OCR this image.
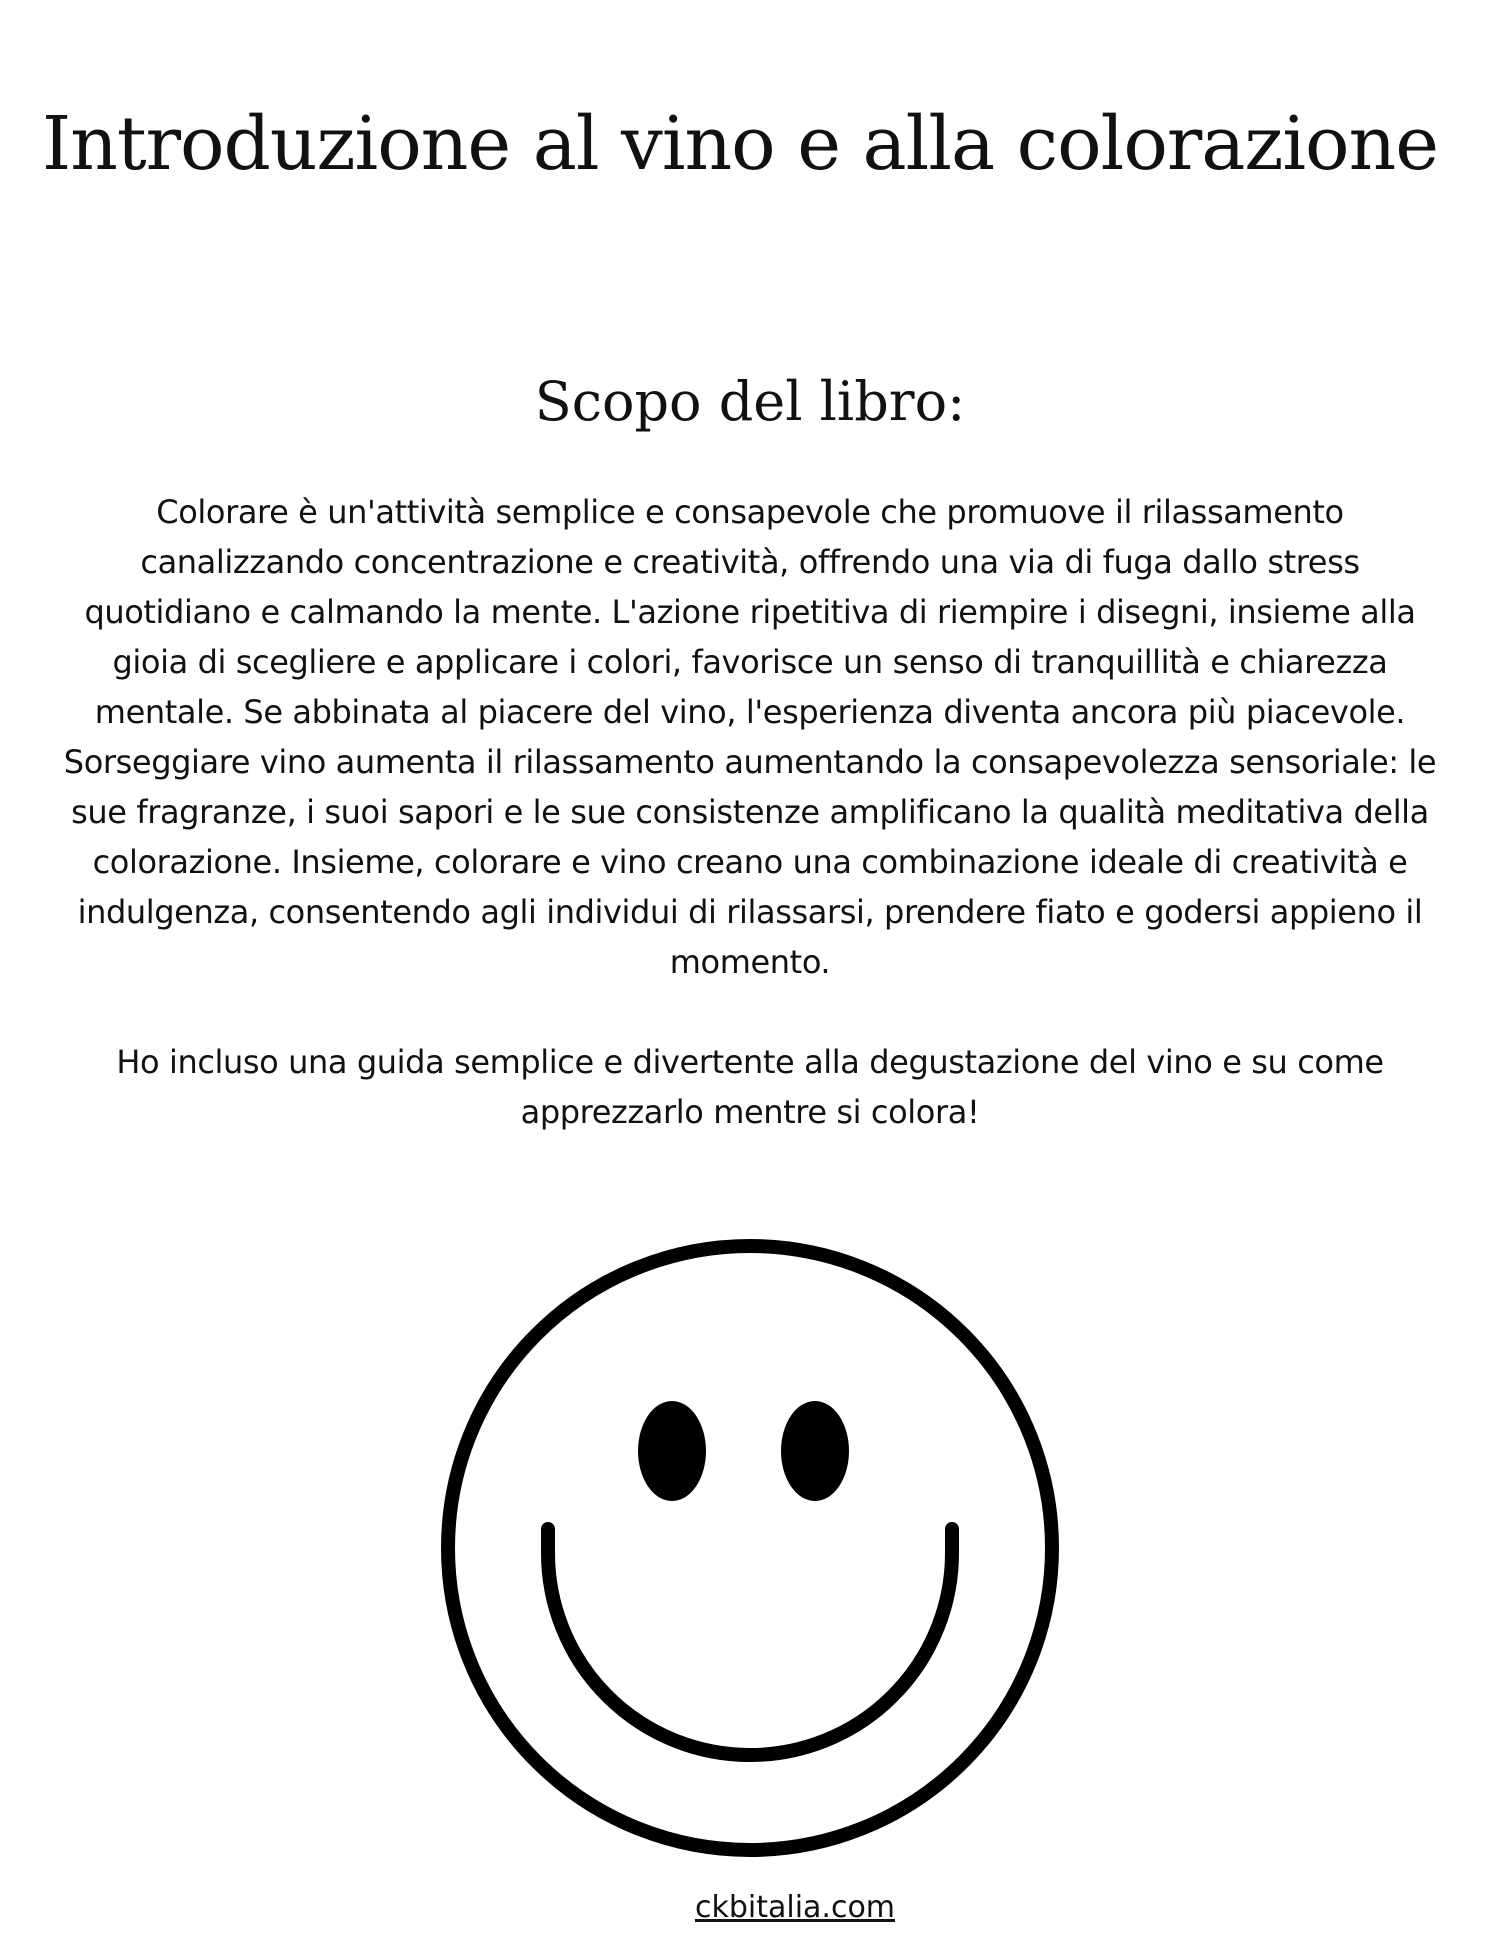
Introduzione al vino e alla colorazione
Scopo del libro:

Colorare è un'attività semplice e consapevole che promuove il rilassamento canalizzando concentrazione e creatività, offrendo una via di fuga dallo stress quotidiano e calmando la mente. L'azione ripetitiva di riempire i disegni, insieme alla gioia di scegliere e applicare i colori, favorisce un senso di tranquillità e chiarezza mentale. Se abbinata al piacere del vino, l'esperienza diventa ancora più piacevole. Sorseggiare vino aumenta il rilassamento aumentando la consapevolezza sensoriale: le sue fragranze, i suoi sapori e le sue consistenze amplificano la qualità meditativa della colorazione. Insieme, colorare e vino creano una combinazione ideale di creatività e indulgenza, consentendo agli individui di rilassarsi, prendere fiato e godersi appieno il momento.

Ho incluso una guida semplice e divertente alla degustazione del vino e su come apprezzarlo mentre si colora!

ckbitalia.com
